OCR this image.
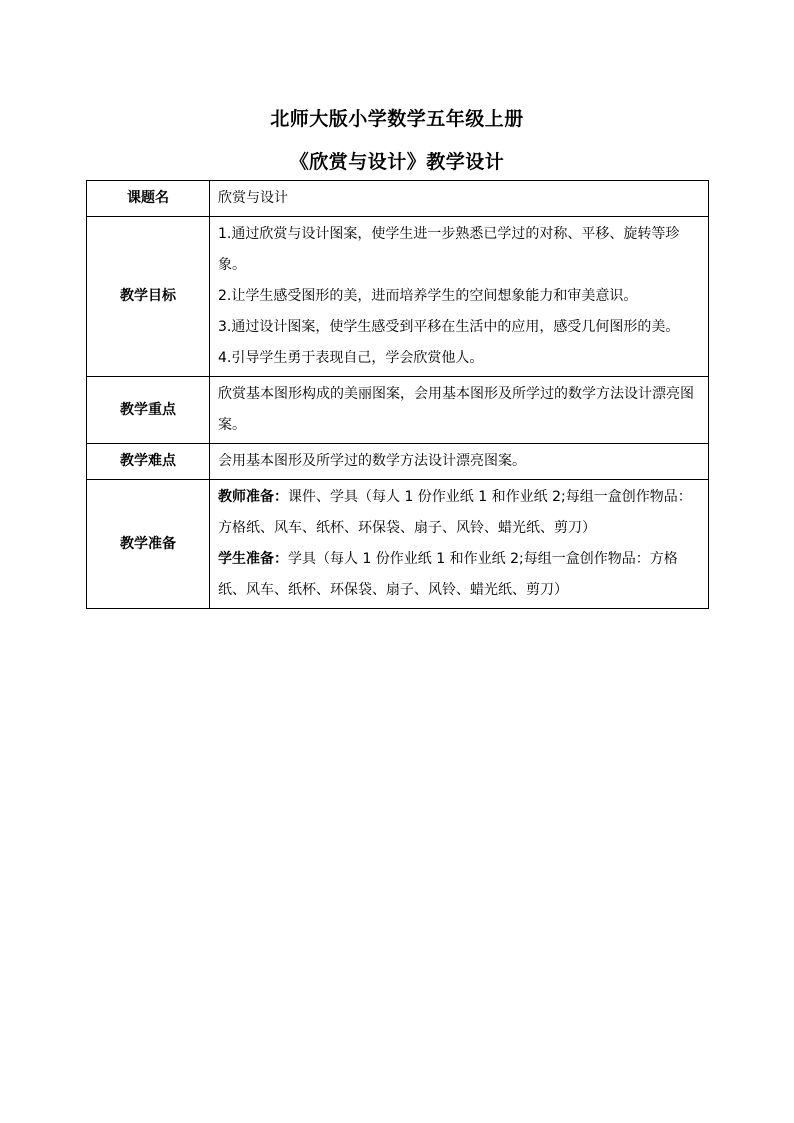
北师大版小学数学五年级上册
《欣赏与设计》教学设计
课题名	欣赏与设计
教学目标	1.通过欣赏与设计图案，使学生进一步熟悉已学过的对称、平移、旋转等珍象。
2.让学生感受图形的美，进而培养学生的空间想象能力和审美意识。
3.通过设计图案，使学生感受到平移在生活中的应用，感受几何图形的美。
4.引导学生勇于表现自己，学会欣赏他人。

教学重点	欣赏基本图形构成的美丽图案，会用基本图形及所学过的数学方法设计漂亮图案。
教学难点	会用基本图形及所学过的数学方法设计漂亮图案。
教学准备	教师准备：课件、学具（每人 1 份作业纸 1 和作业纸 2;每组一盒创作物品：方格纸、风车、纸杯、环保袋、扇子、风铃、蜡光纸、剪刀）
学生准备：学具（每人 1 份作业纸 1 和作业纸 2;每组一盒创作物品：方格纸、风车、纸杯、环保袋、扇子、风铃、蜡光纸、剪刀）
